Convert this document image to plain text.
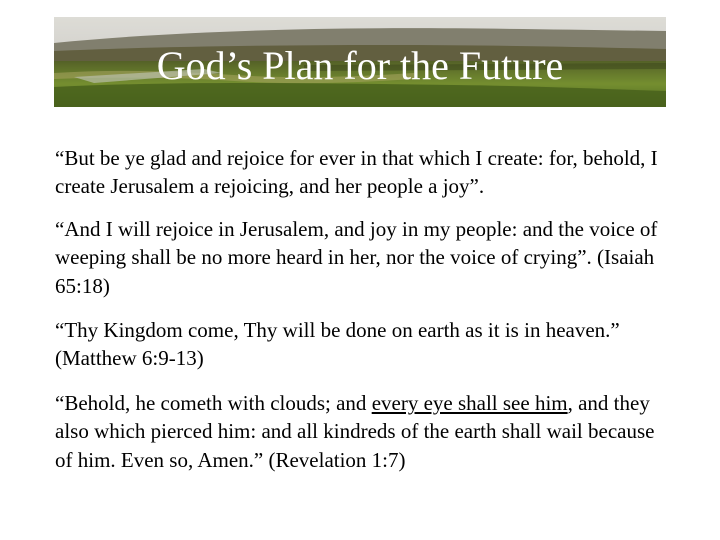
God’s Plan for the Future

“But be ye glad and rejoice for ever in that which I create: for, behold, I create Jerusalem a rejoicing, and her people a joy”.

“And I will rejoice in Jerusalem, and joy in my people: and the voice of weeping shall be no more heard in her, nor the voice of crying”. (Isaiah 65:18)

“Thy Kingdom come, Thy will be done on earth as it is in heaven.” (Matthew 6:9-13)

“Behold, he cometh with clouds; and every eye shall see him, and they also which pierced him: and all kindreds of the earth shall wail because of him. Even so, Amen.” (Revelation 1:7)
